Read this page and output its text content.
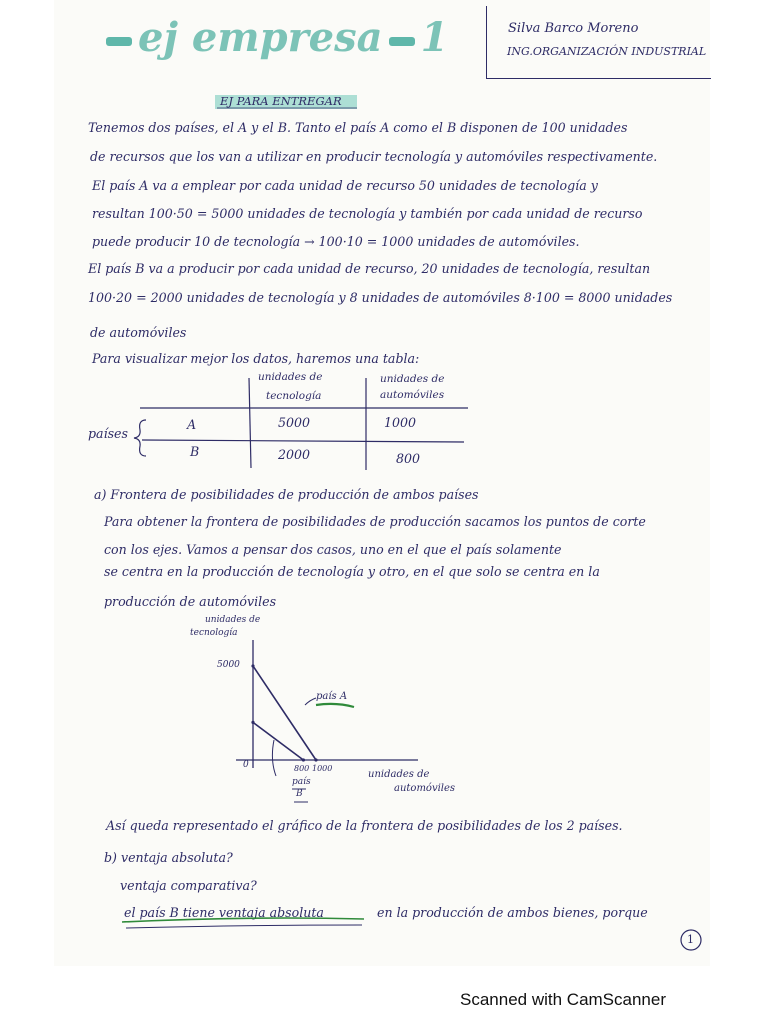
ej empresa 1	Silva Barco Moreno
ING.ORGANIZACIÓN INDUSTRIAL
EJ PARA ENTREGAR
Tenemos dos países, el A y el B. Tanto el país A como el B disponen de 100 unidades
de recursos que los van a utilizar en producir tecnología y automóviles respectivamente.
El país A va a emplear por cada unidad de recurso 50 unidades de tecnología y
resultan 100·50 = 5000 unidades de tecnología y también por cada unidad de recurso
puede producir 10 de tecnología → 100·10 = 1000 unidades de automóviles.
El país B va a producir por cada unidad de recurso, 20 unidades de tecnología, resultan
100·20 = 2000 unidades de tecnología y 8 unidades de automóviles 8·100 = 8000 unidades
de automóviles
Para visualizar mejor los datos, haremos una tabla:
unidades de
tecnología
unidades de
automóviles
países
A	5000	1000
B	2000	800
a) Frontera de posibilidades de producción de ambos países
Para obtener la frontera de posibilidades de producción sacamos los puntos de corte
con los ejes. Vamos a pensar dos casos, uno en el que el país solamente
se centra en la producción de tecnología y otro, en el que solo se centra en la
producción de automóviles
unidades de
tecnología
5000
0	800 1000
unidades de
automóviles
país A
país
B
Así queda representado el gráfico de la frontera de posibilidades de los 2 países.
b) ventaja absoluta?
ventaja comparativa?
el país B tiene ventaja absoluta	en la producción de ambos bienes, porque
1
Scanned with CamScanner
